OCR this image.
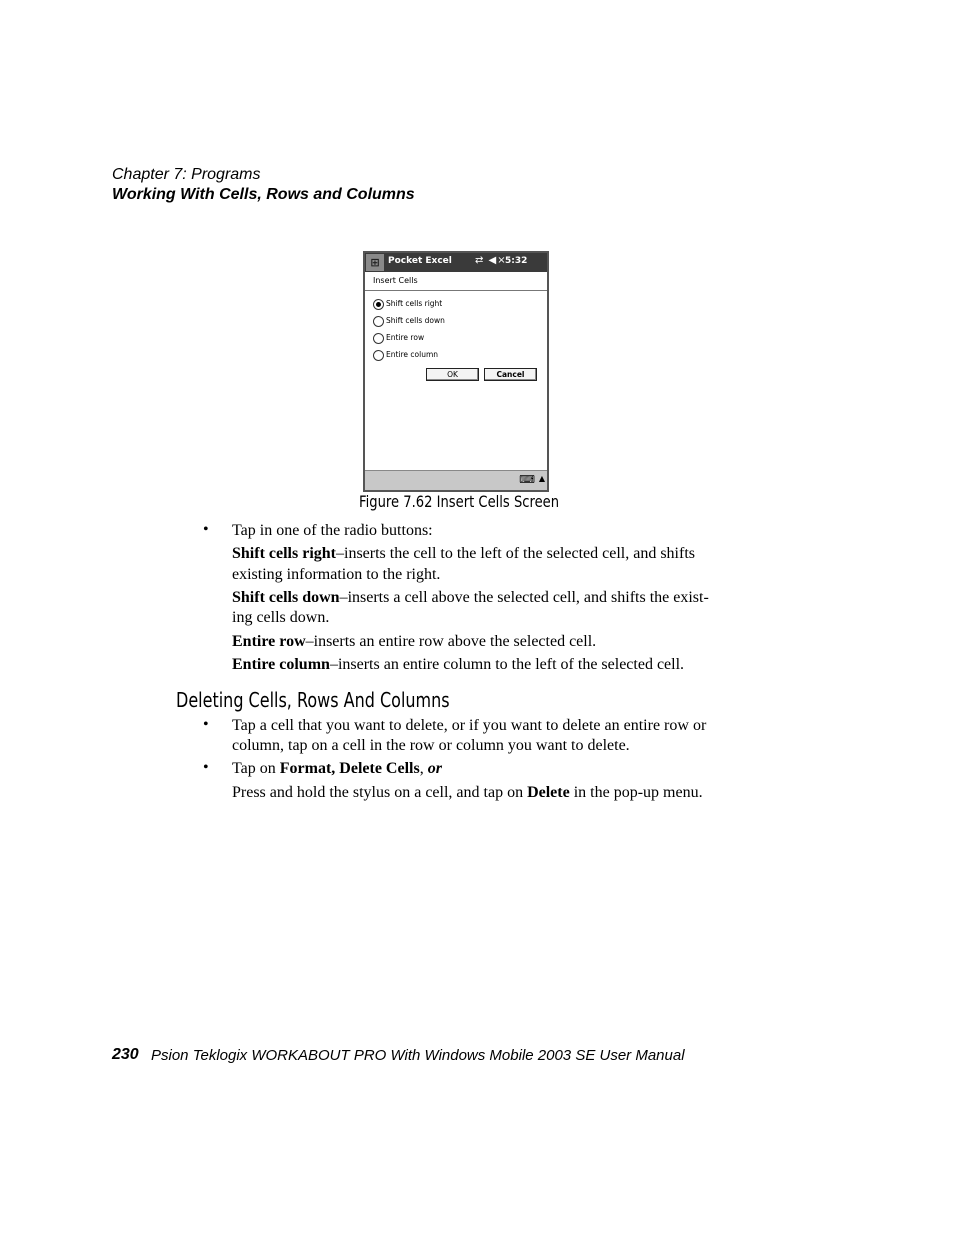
Chapter 7: Programs
Working With Cells, Rows and Columns
⊞ Pocket Excel ⇄ ◀×
5:32
Insert Cells
Shift cells right
Shift cells down
Entire row
Entire column
OK	Cancel
⌨ ▲
Figure 7.62 Insert Cells Screen
• Tap in one of the radio buttons:
Shift cells right–inserts the cell to the left of the selected cell, and shifts
existing information to the right.
Shift cells down–inserts a cell above the selected cell, and shifts the exist-
ing cells down.
Entire row–inserts an entire row above the selected cell.
Entire column–inserts an entire column to the left of the selected cell.
Deleting Cells, Rows And Columns
• Tap a cell that you want to delete, or if you want to delete an entire row or
column, tap on a cell in the row or column you want to delete.
• Tap on Format, Delete Cells, or
Press and hold the stylus on a cell, and tap on Delete in the pop-up menu.
230 Psion Teklogix WORKABOUT PRO With Windows Mobile 2003 SE User Manual
